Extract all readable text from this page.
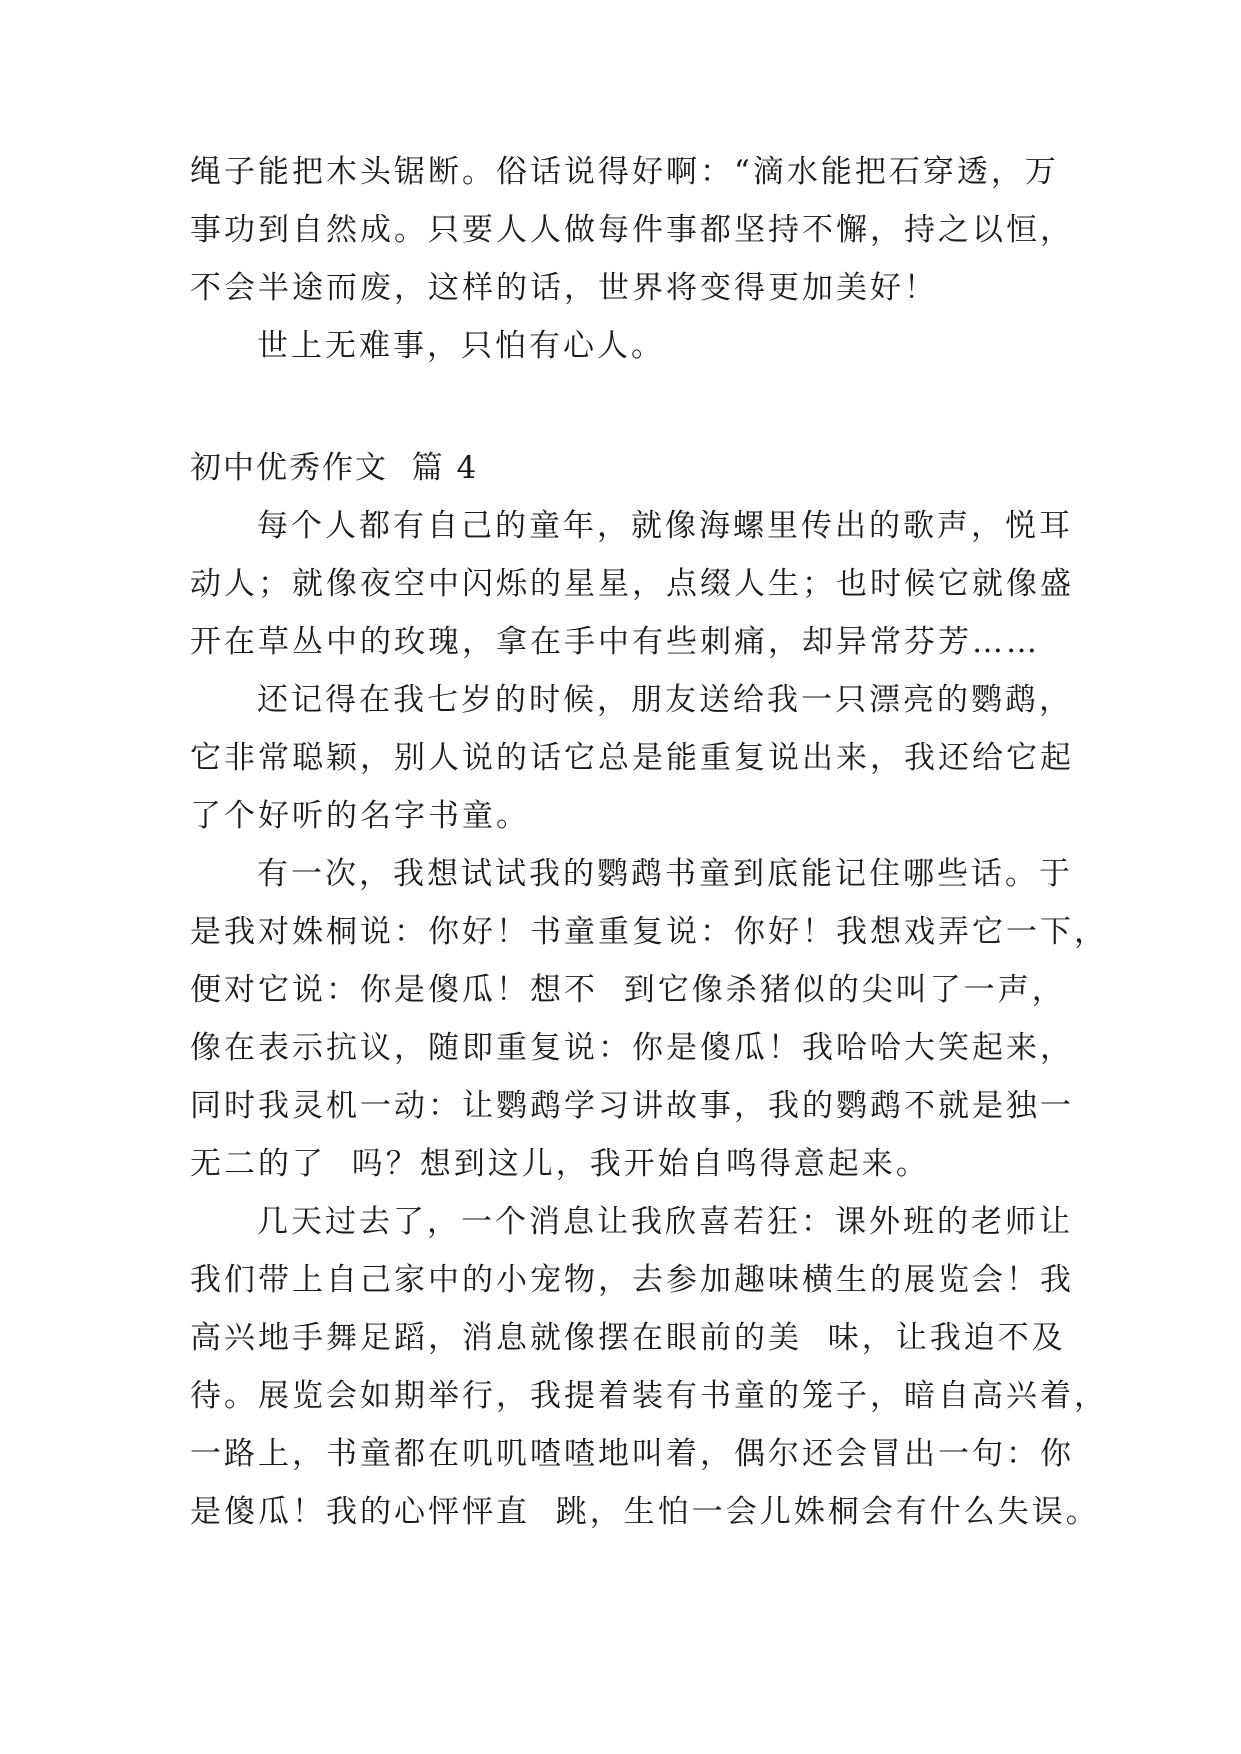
绳子能把木头锯断。俗话说得好啊：“滴水能把石穿透，万
事功到自然成。只要人人做每件事都坚持不懈，持之以恒，
不会半途而废，这样的话，世界将变得更加美好！
世上无难事，只怕有心人。
初中优秀作文  篇 4
每个人都有自己的童年，就像海螺里传出的歌声，悦耳
动人；就像夜空中闪烁的星星，点缀人生；也时候它就像盛
开在草丛中的玫瑰，拿在手中有些刺痛，却异常芬芳……
还记得在我七岁的时候，朋友送给我一只漂亮的鹦鹉，
它非常聪颖，别人说的话它总是能重复说出来，我还给它起
了个好听的名字书童。
有一次，我想试试我的鹦鹉书童到底能记住哪些话。于
是我对姝桐说：你好！书童重复说：你好！我想戏弄它一下，
便对它说：你是傻瓜！想不  到它像杀猪似的尖叫了一声，
像在表示抗议，随即重复说：你是傻瓜！我哈哈大笑起来，
同时我灵机一动：让鹦鹉学习讲故事，我的鹦鹉不就是独一
无二的了  吗？想到这儿，我开始自鸣得意起来。
几天过去了，一个消息让我欣喜若狂：课外班的老师让
我们带上自己家中的小宠物，去参加趣味横生的展览会！我
高兴地手舞足蹈，消息就像摆在眼前的美  味，让我迫不及
待。展览会如期举行，我提着装有书童的笼子，暗自高兴着，
一路上，书童都在叽叽喳喳地叫着，偶尔还会冒出一句：你
是傻瓜！我的心怦怦直  跳，生怕一会儿姝桐会有什么失误。
